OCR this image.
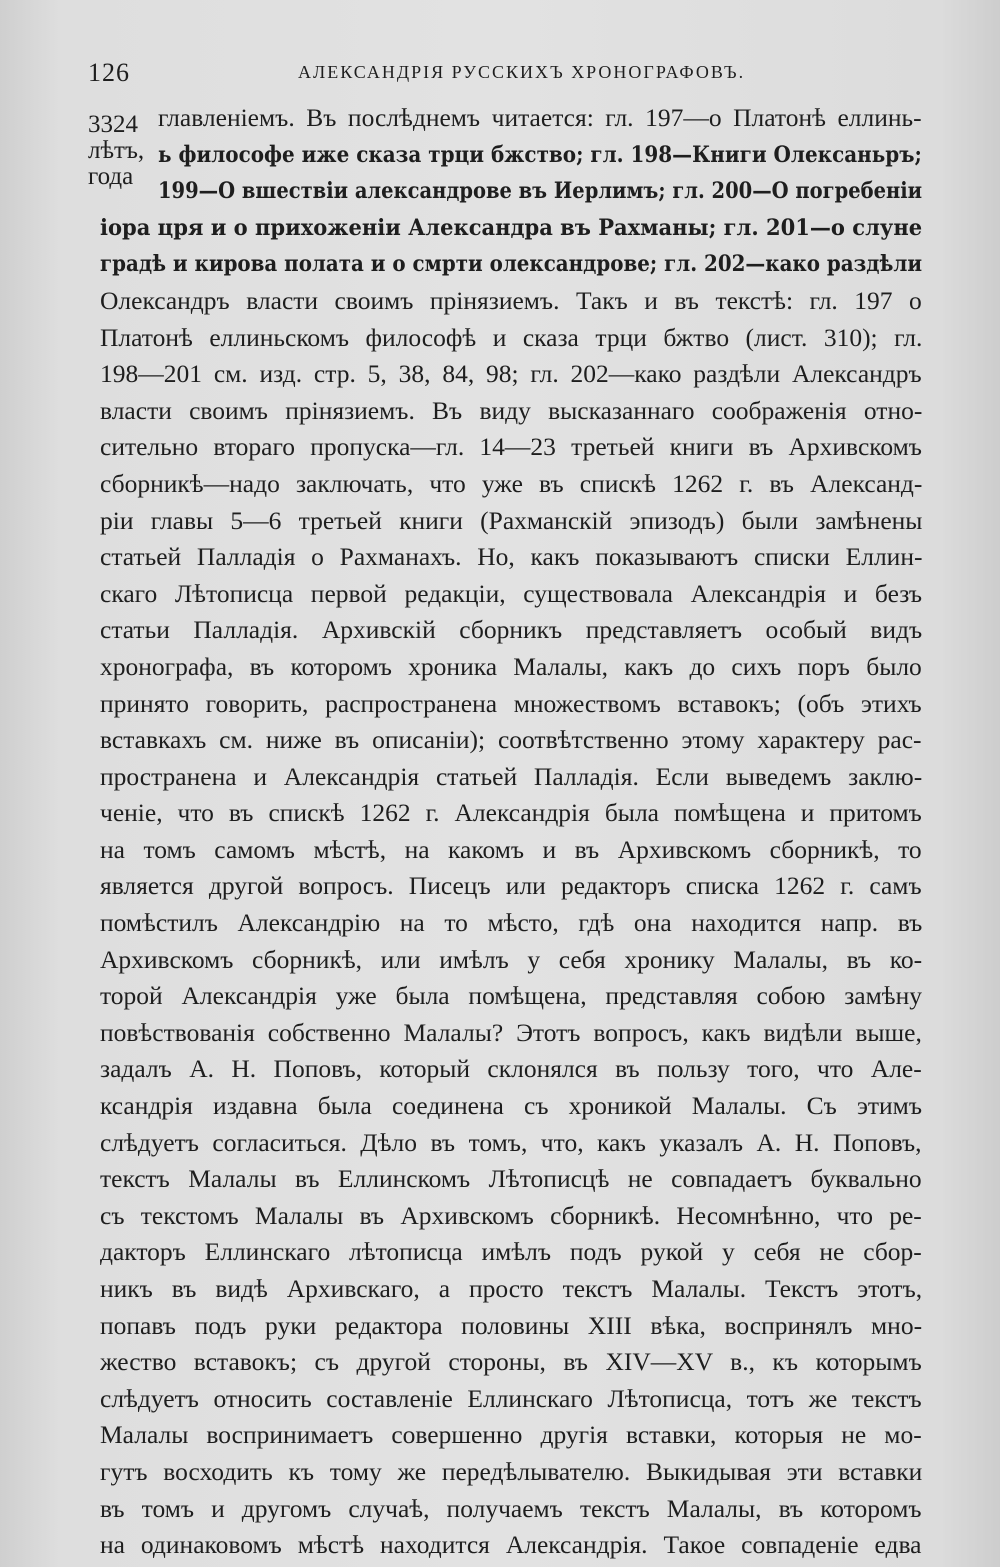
126	АЛЕКСАНДРІЯ РУССКИХЪ ХРОНОГРАФОВЪ.
3324
лѣтъ,
года
главленіемъ. Въ послѣднемъ читается: гл. 197—о Платонѣ еллинь-
ь философе иже сказа трци бжство; гл. 198—Книги Олексаньръ;
199—О вшествіи александрове въ Иерлимъ; гл. 200—О погребеніи
іора цря и о прихоженіи Александра въ Рахманы; гл. 201—о слуне
градѣ и кирова полата и о смрти олександрове; гл. 202—како раздѣли
Олександръ власти своимъ прінязиемъ. Такъ и въ текстѣ: гл. 197 о
Платонѣ еллиньскомъ философѣ и сказа трци бжтво (лист. 310); гл.
198—201 см. изд. стр. 5, 38, 84, 98; гл. 202—како раздѣли Александръ
власти своимъ прінязиемъ. Въ виду высказаннаго соображенія отно-
сительно втораго пропуска—гл. 14—23 третьей книги въ Архивскомъ
сборникѣ—надо заключать, что уже въ спискѣ 1262 г. въ Александ-
ріи главы 5—6 третьей книги (Рахманскій эпизодъ) были замѣнены
статьей Палладія о Рахманахъ. Но, какъ показываютъ списки Еллин-
скаго Лѣтописца первой редакціи, существовала Александрія и безъ
статьи Палладія. Архивскій сборникъ представляетъ особый видъ
хронографа, въ которомъ хроника Малалы, какъ до сихъ поръ было
принято говорить, распространена множествомъ вставокъ; (объ этихъ
вставкахъ см. ниже въ описаніи); соотвѣтственно этому характеру рас-
пространена и Александрія статьей Палладія. Если выведемъ заклю-
ченіе, что въ спискѣ 1262 г. Александрія была помѣщена и притомъ
на томъ самомъ мѣстѣ, на какомъ и въ Архивскомъ сборникѣ, то
является другой вопросъ. Писецъ или редакторъ списка 1262 г. самъ
помѣстилъ Александрію на то мѣсто, гдѣ она находится напр. въ
Архивскомъ сборникѣ, или имѣлъ у себя хронику Малалы, въ ко-
торой Александрія уже была помѣщена, представляя собою замѣну
повѣствованія собственно Малалы? Этотъ вопросъ, какъ видѣли выше,
задалъ А. Н. Поповъ, который склонялся въ пользу того, что Але-
ксандрія издавна была соединена съ хроникой Малалы. Съ этимъ
слѣдуетъ согласиться. Дѣло въ томъ, что, какъ указалъ А. Н. Поповъ,
текстъ Малалы въ Еллинскомъ Лѣтописцѣ не совпадаетъ буквально
съ текстомъ Малалы въ Архивскомъ сборникѣ. Несомнѣнно, что ре-
дакторъ Еллинскаго лѣтописца имѣлъ подъ рукой у себя не сбор-
никъ въ видѣ Архивскаго, а просто текстъ Малалы. Текстъ этотъ,
попавъ подъ руки редактора половины XIII вѣка, воспринялъ мно-
жество вставокъ; съ другой стороны, въ XIV—XV в., къ которымъ
слѣдуетъ относить составленіе Еллинскаго Лѣтописца, тотъ же текстъ
Малалы воспринимаетъ совершенно другія вставки, которыя не мо-
гутъ восходить къ тому же передѣлывателю. Выкидывая эти вставки
въ томъ и другомъ случаѣ, получаемъ текстъ Малалы, въ которомъ
на одинаковомъ мѣстѣ находится Александрія. Такое совпаденіе едва
